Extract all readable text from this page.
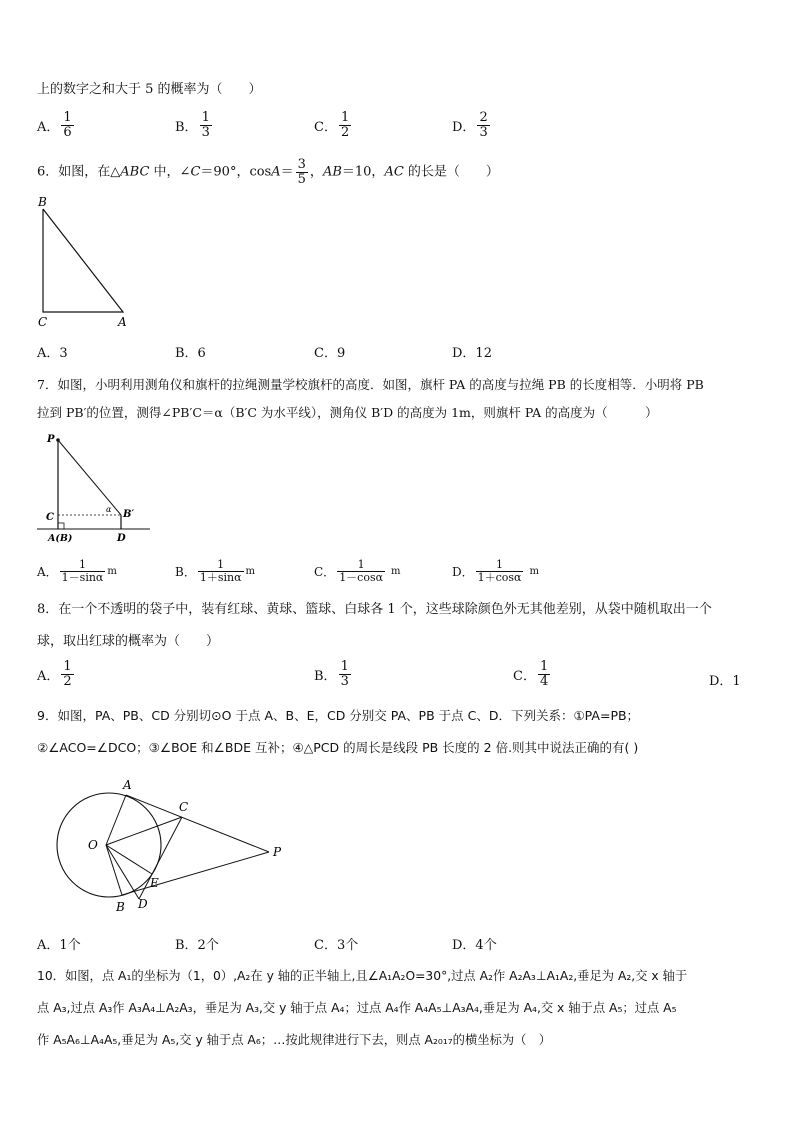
上的数字之和大于 5 的概率为（　　）
A． $\frac{1}{6}$	B． $\frac{1}{3}$	C． $\frac{1}{2}$	D． $\frac{2}{3}$
6．如图，在△ABC 中，∠C＝90°，$\cos A= \frac{3}{5}$ ，AB＝10，AC 的长是（　　）
B
C	A
A．3	B．6	C．9	D．12
7．如图，小明利用测角仪和旗杆的拉绳测量学校旗杆的高度．如图，旗杆 PA 的高度与拉绳 PB 的长度相等．小明将 PB
拉到 PB′的位置，测得∠PB′C＝α（B′C 为水平线），测角仪 B′D 的高度为 1m，则旗杆 PA 的高度为（　　　）
P
C
A(B)	D
B′
α
A． $\frac{1}{1-\sin\alpha}$ m	B． $\frac{1}{1+\sin\alpha}$ m	C． $\frac{1}{1-\cos\alpha}$ m	D． $\frac{1}{1+\cos\alpha}$ m
8．在一个不透明的袋子中，装有红球、黄球、篮球、白球各 1 个，这些球除颜色外无其他差别，从袋中随机取出一个
球，取出红球的概率为（　　）
A． $\frac{1}{2}$	B． $\frac{1}{3}$	C． $\frac{1}{4}$	D．1
9．如图，PA、PB、CD 分别切⊙O 于点 A、B、E，CD 分别交 PA、PB 于点 C、D．下列关系：①PA=PB；
②∠ACO=∠DCO；③∠BOE 和∠BDE 互补；④△PCD 的周长是线段 PB 长度的 2 倍.则其中说法正确的有( )
A
C
O	P
E
B D
A．1个	B．2个	C．3个	D．4个
10．如图，点 A₁的坐标为（1，0）,A₂在 y 轴的正半轴上,且∠A₁A₂O=30°,过点 A₂作 A₂A₃⊥A₁A₂,垂足为 A₂,交 x 轴于
点 A₃,过点 A₃作 A₃A₄⊥A₂A₃，垂足为 A₃,交 y 轴于点 A₄；过点 A₄作 A₄A₅⊥A₃A₄,垂足为 A₄,交 x 轴于点 A₅；过点 A₅
作 A₅A₆⊥A₄A₅,垂足为 A₅,交 y 轴于点 A₆；…按此规律进行下去，则点 A₂₀₁₇的横坐标为（　）
